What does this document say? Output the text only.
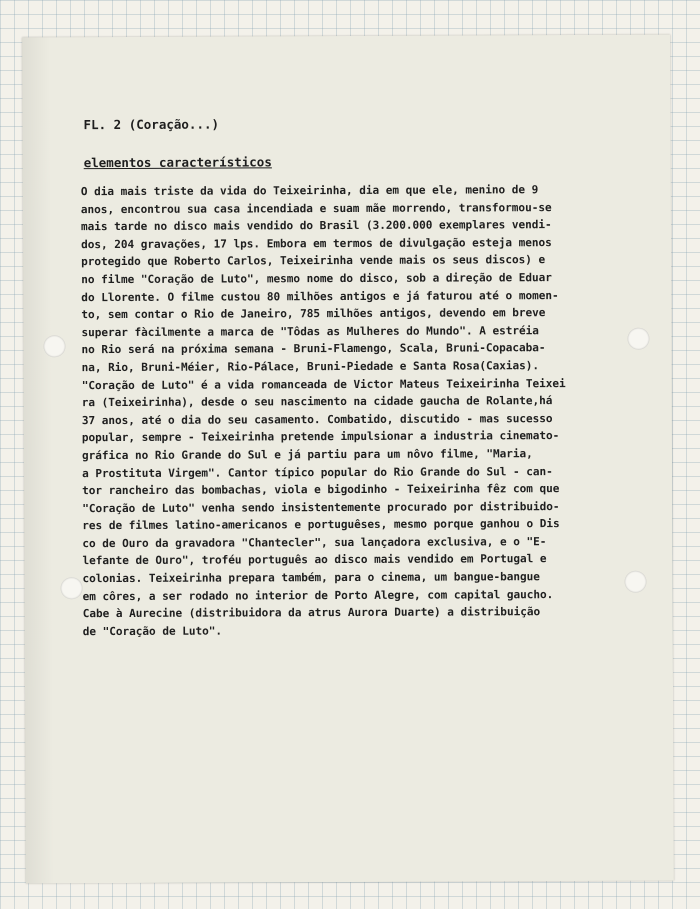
FL. 2 (Coração...)

elementos característicos

O dia mais triste da vida do Teixeirinha, dia em que ele, menino de 9
anos, encontrou sua casa incendiada e suam mãe morrendo, transformou-se
mais tarde no disco mais vendido do Brasil (3.200.000 exemplares vendi-
dos, 204 gravações, 17 lps. Embora em termos de divulgação esteja menos
protegido que Roberto Carlos, Teixeirinha vende mais os seus discos) e
no filme "Coração de Luto", mesmo nome do disco, sob a direção de Eduar
do Llorente. O filme custou 80 milhões antigos e já faturou até o momen-
to, sem contar o Rio de Janeiro, 785 milhões antigos, devendo em breve
superar fàcilmente a marca de "Tôdas as Mulheres do Mundo". A estréia
no Rio será na próxima semana - Bruni-Flamengo, Scala, Bruni-Copacaba-
na, Rio, Bruni-Méier, Rio-Pálace, Bruni-Piedade e Santa Rosa(Caxias).
"Coração de Luto" é a vida romanceada de Victor Mateus Teixeirinha Teixei
ra (Teixeirinha), desde o seu nascimento na cidade gaucha de Rolante,há
37 anos, até o dia do seu casamento. Combatido, discutido - mas sucesso
popular, sempre - Teixeirinha pretende impulsionar a industria cinemato-
gráfica no Rio Grande do Sul e já partiu para um nôvo filme, "Maria,
a Prostituta Virgem". Cantor típico popular do Rio Grande do Sul - can-
tor rancheiro das bombachas, viola e bigodinho - Teixeirinha fêz com que
"Coração de Luto" venha sendo insistentemente procurado por distribuido-
res de filmes latino-americanos e portuguêses, mesmo porque ganhou o Dis
co de Ouro da gravadora "Chantecler", sua lançadora exclusiva, e o "E-
lefante de Ouro", troféu português ao disco mais vendido em Portugal e
colonias. Teixeirinha prepara também, para o cinema, um bangue-bangue
em côres, a ser rodado no interior de Porto Alegre, com capital gaucho.
Cabe à Aurecine (distribuidora da atrus Aurora Duarte) a distribuição
de "Coração de Luto".
